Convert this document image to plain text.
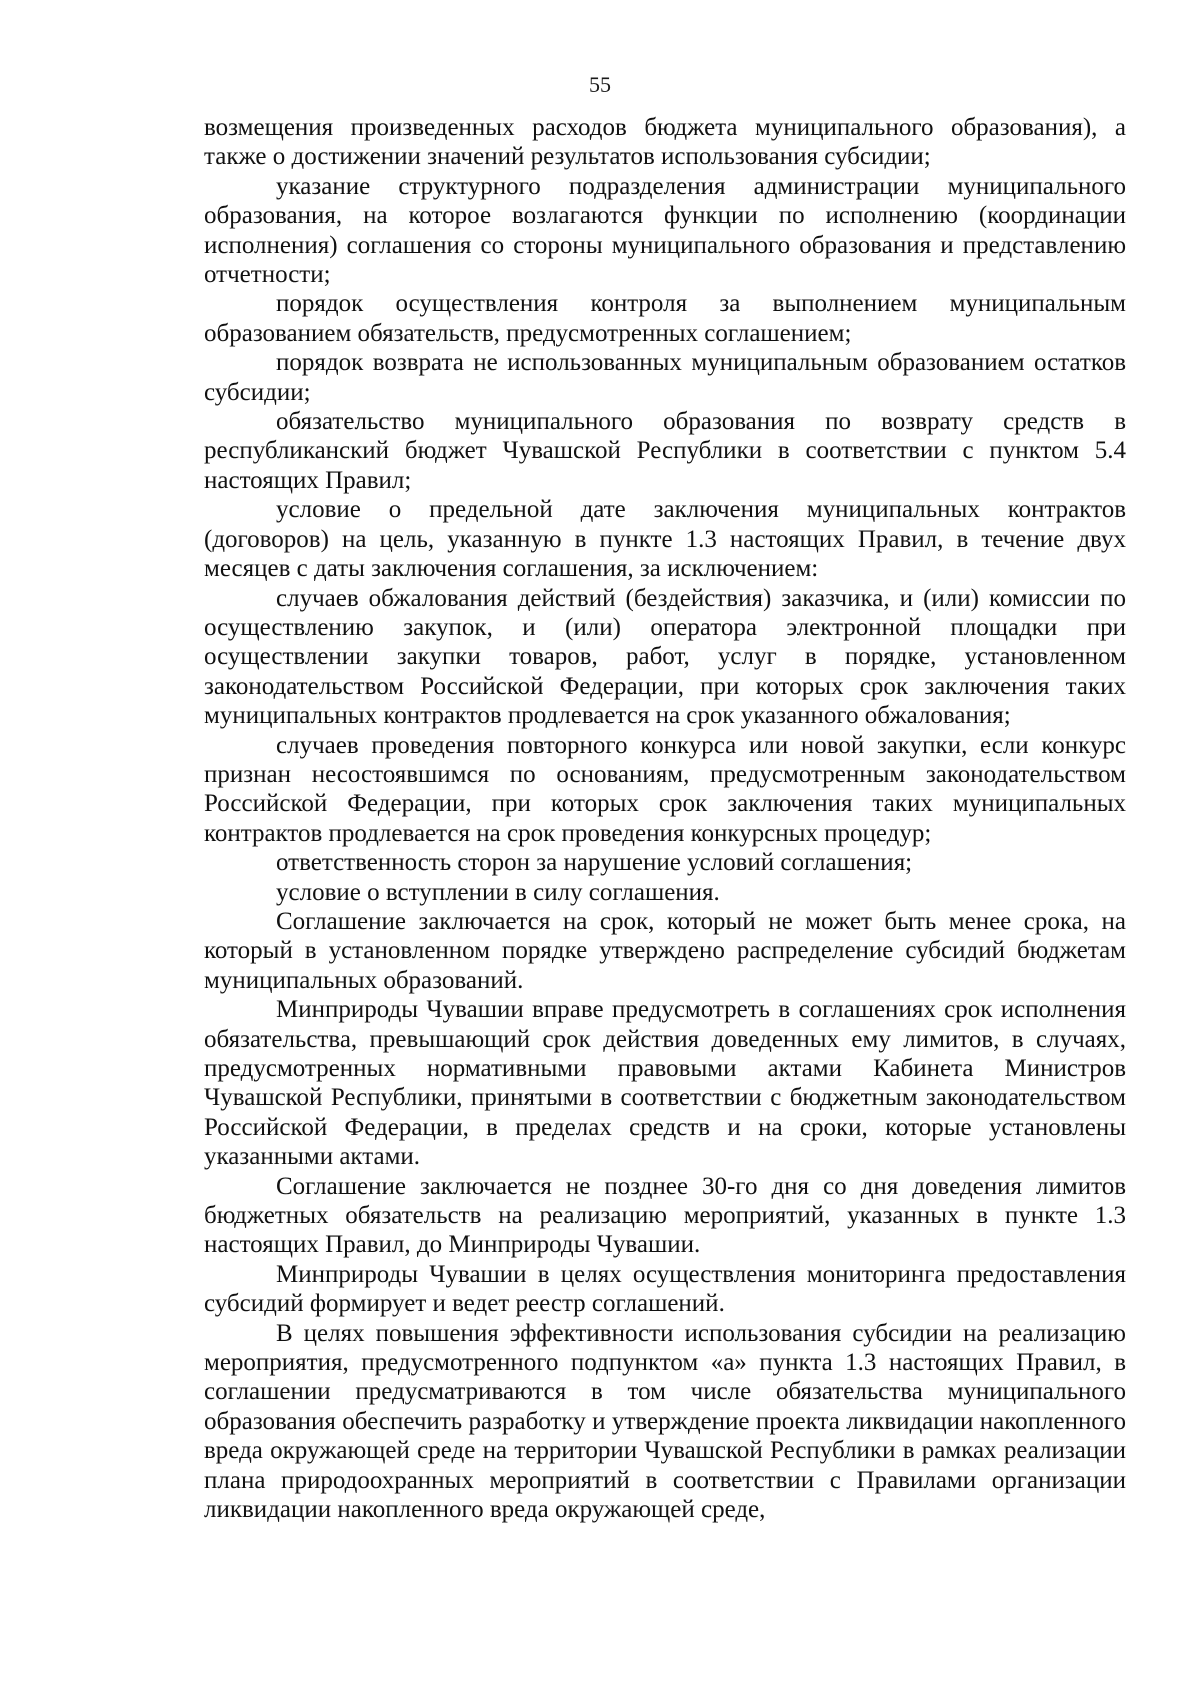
55

возмещения произведенных расходов бюджета муниципального образования), а также о достижении значений результатов использования субсидии;

указание структурного подразделения администрации муниципального образования, на которое возлагаются функции по исполнению (координации исполнения) соглашения со стороны муниципального образования и представлению отчетности;

порядок осуществления контроля за выполнением муниципальным образованием обязательств, предусмотренных соглашением;

порядок возврата не использованных муниципальным образованием остатков субсидии;

обязательство муниципального образования по возврату средств в республиканский бюджет Чувашской Республики в соответствии с пунктом 5.4 настоящих Правил;

условие о предельной дате заключения муниципальных контрактов (договоров) на цель, указанную в пункте 1.3 настоящих Правил, в течение двух месяцев с даты заключения соглашения, за исключением:

случаев обжалования действий (бездействия) заказчика, и (или) комиссии по осуществлению закупок, и (или) оператора электронной площадки при осуществлении закупки товаров, работ, услуг в порядке, установленном законодательством Российской Федерации, при которых срок заключения таких муниципальных контрактов продлевается на срок указанного обжалования;

случаев проведения повторного конкурса или новой закупки, если конкурс признан несостоявшимся по основаниям, предусмотренным законодательством Российской Федерации, при которых срок заключения таких муниципальных контрактов продлевается на срок проведения конкурсных процедур;

ответственность сторон за нарушение условий соглашения;

условие о вступлении в силу соглашения.

Соглашение заключается на срок, который не может быть менее срока, на который в установленном порядке утверждено распределение субсидий бюджетам муниципальных образований.

Минприроды Чувашии вправе предусмотреть в соглашениях срок исполнения обязательства, превышающий срок действия доведенных ему лимитов, в случаях, предусмотренных нормативными правовыми актами Кабинета Министров Чувашской Республики, принятыми в соответствии с бюджетным законодательством Российской Федерации, в пределах средств и на сроки, которые установлены указанными актами.

Соглашение заключается не позднее 30-го дня со дня доведения лимитов бюджетных обязательств на реализацию мероприятий, указанных в пункте 1.3 настоящих Правил, до Минприроды Чувашии.

Минприроды Чувашии в целях осуществления мониторинга предоставления субсидий формирует и ведет реестр соглашений.

В целях повышения эффективности использования субсидии на реализацию мероприятия, предусмотренного подпунктом «а» пункта 1.3 настоящих Правил, в соглашении предусматриваются в том числе обязательства муниципального образования обеспечить разработку и утверждение проекта ликвидации накопленного вреда окружающей среде на территории Чувашской Республики в рамках реализации плана природоохранных мероприятий в соответствии с Правилами организации ликвидации накопленного вреда окружающей среде,
